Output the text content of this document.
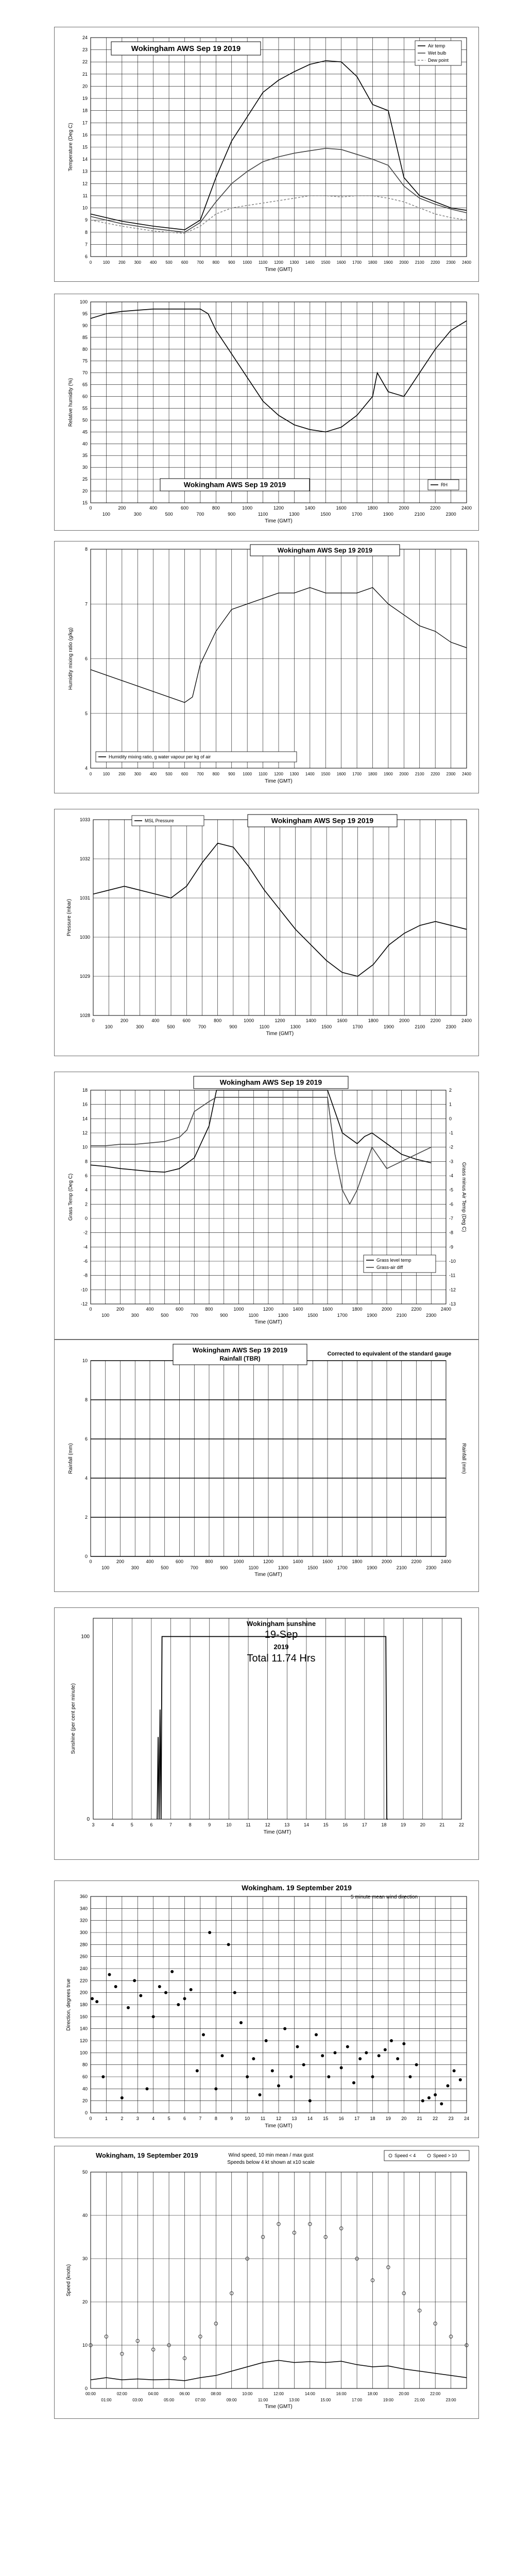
6
7
8
9
10
11
12
13
14
15
16
17
18
19
20
21
22
23
24
0	100 200 300 400 500 600 700 800 900 1000 1100 1200 1300 1400 1500 1600 1700 1800 1900 2000 2100 2200 2300 2400
Time (GMT)
Temperature (Deg C)
Wokingham AWS Sep 19 2019	Air temp
Wet bulb
Dew point
15
20
25
30
35
40
45
50
55
60
65
70
75
80
85
90
95
100
0	200	400	600	800	1000	1200	1400	1600	1800	2000	2200	2400
100	300	500	700	900	1100	1300	1500	1700	1900	2100	2300
Time (GMT)
Relative humidity (%)
Wokingham AWS Sep 19 2019	RH
4
5
6
7
8
0	100 200 300 400 500 600 700 800 900 1000 1100 1200 1300 1400 1500 1600 1700 1800 1900 2000 2100 2200 2300 2400
Time (GMT)
Humidity mixing ratio (g/kg)
Wokingham AWS Sep 19 2019
Humidity mixing ratio, g water vapour per kg of air
1028
1029
1030
1031
1032
1033
0	200	400	600	800	1000	1200	1400	1600	1800	2000	2200	2400
100	300	500	700	900	1100	1300	1500	1700	1900	2100	2300
Time (GMT)
Pressure (mbar)
Wokingham AWS Sep 19 2019
MSL Pressure
-12
-10
-8
-6
-4
-2
0
2
4
6
8
10
12
14
16
18
0	200	400	600	800	1000	1200	1400	1600	1800	2000	2200	2400
100	300	500	700	900	1100	1300	1500	1700	1900	2100	2300
-13
-12
-11
-10
-9
-8
-7
-6
-5
-4
-3
-2
-1
0
1
2
Time (GMT)
Grass Temp (Deg C)	Grass minus Air Temp (Deg C)
Wokingham AWS Sep 19 2019
Grass level temp
Grass-air diff
0
2
4
6
8
10
0	200	400	600	800	1000	1200	1400	1600	1800	2000	2200	2400
100	300	500	700	900	1100	1300	1500	1700	1900	2100	2300
Time (GMT)
Rainfall (mm)	Rainfall (mm)
Wokingham AWS Sep 19 2019
Rainfall (TBR)
Corrected to equivalent of the standard gauge
3	4	5	6	7	8	9	10	11	12	13	14	15	16	17	18	19	20	21	22
Time (GMT)
Sunshine (per cent per minute)
0
100
Wokingham sunshine
19-Sep
2019
Total 11.74 Hrs
0
20
40
60
80
100
120
140
160
180
200
220
240
260
280
300
320
340
360
0	1	2	3	4	5	6	7	8	9	10 11 12 13 14 15 16 17 18 19 20 21 22 23 24
Time (GMT)
Direction, degrees true
Wokingham. 19 September 2019
5 minute mean wind direction
0
10
20
30
40
50
00:00	02:00	04:00	06:00	08:00	10:00	12:00	14:00	16:00	18:00	20:00	22:00
01:00	03:00	05:00	07:00	09:00	11:00	13:00	15:00	17:00	19:00	21:00	23:00
Time (GMT)
Speed (knots)
Wokingham, 19 September 2019	Wind speed, 10 min mean / max gust
Speeds below 4 kt shown at x10 scale
Speed < 4	Speed > 10
